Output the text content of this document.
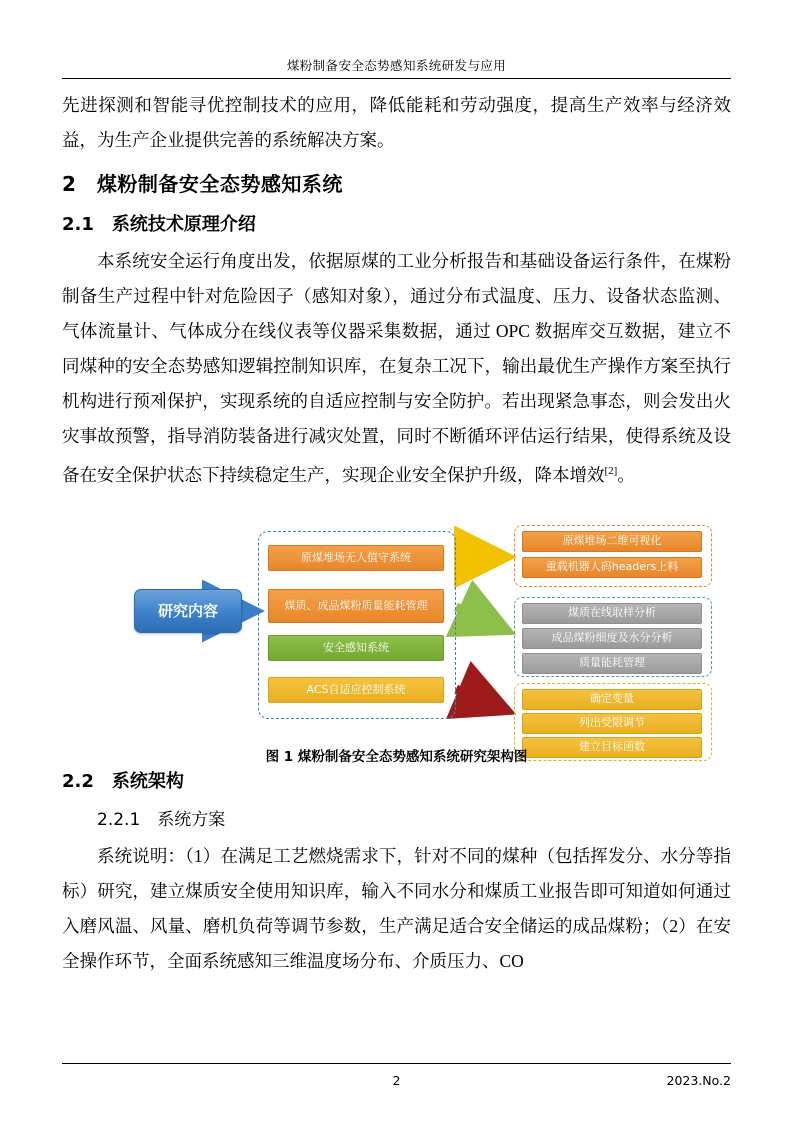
煤粉制备安全态势感知系统研发与应用

先进探测和智能寻优控制技术的应用，降低能耗和劳动强度，提高生产效率与经济效益，为生产企业提供完善的系统解决方案。

2　煤粉制备安全态势感知系统
2.1　系统技术原理介绍

本系统安全运行角度出发，依据原煤的工业分析报告和基础设备运行条件，在煤粉制备生产过程中针对危险因子（感知对象），通过分布式温度、压力、设备状态监测、气体流量计、气体成分在线仪表等仪器采集数据，通过 OPC 数据库交互数据，建立不同煤种的安全态势感知逻辑控制知识库，在复杂工况下，输出最优生产操作方案至执行机构进行预제保护，实现系统的自适应控制与安全防护。若出现紧急事态，则会发出火灾事故预警，指导消防装备进行减灾处置，同时不断循环评估运行结果，使得系统及设备在安全保护状态下持续稳定生产，实现企业安全保护升级，降本增效[2]。

研究内容
原煤堆场无人值守系统
煤质、成品煤粉质量能耗管理
安全感知系统
ACS自适应控制系统
原煤堆场二维可视化
重载机器人码headers上料
煤质在线取样分析
成品煤粉细度及水分分析
质量能耗管理
确定变量
列出受限调节
建立目标函数
图 1 煤粉制备安全态势感知系统研究架构图
2.2　系统架构
2.2.1　系统方案

系统说明：（1）在满足工艺燃烧需求下，针对不同的煤种（包括挥发分、水分等指标）研究，建立煤质安全使用知识库，输入不同水分和煤质工业报告即可知道如何通过入磨风温、风量、磨机负荷等调节参数，生产满足适合安全储运的成品煤粉；（2）在安全操作环节，全面系统感知三维温度场分布、介质压力、CO

2	2023.No.2
